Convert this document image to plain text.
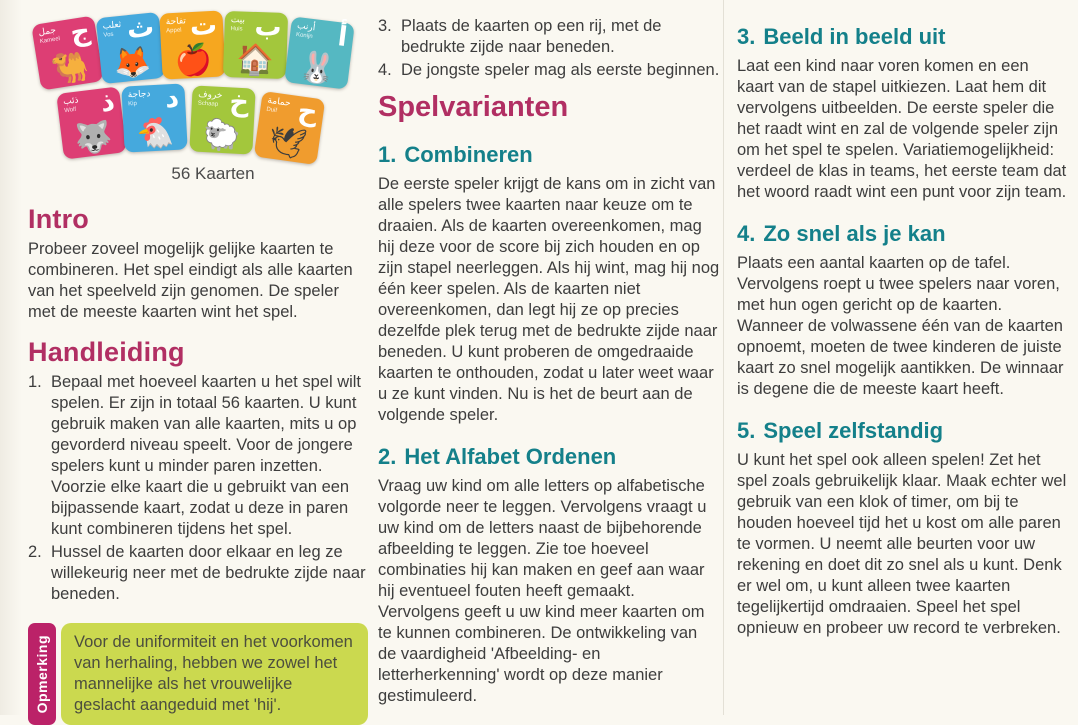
جمل
Kameel ج
🐫
ثعلب
Vos ث
🦊
تفاحة
Appel ت
🍎
بيت
Huis ب
🏠
أرنب
Konijn أ
🐰
ذئب
Wolf ذ
🐺
دجاجة
Kip د
🐔
خروف
Schaap خ
🐑
حمامة
Duif ح
🕊
56 Kaarten
Intro
Probeer zoveel mogelijk gelijke kaarten te combineren. Het spel eindigt als alle kaarten van het speelveld zijn genomen. De speler met de meeste kaarten wint het spel.
Handleiding
1. Bepaal met hoeveel kaarten u het spel wilt spelen. Er zijn in totaal 56 kaarten. U kunt gebruik maken van alle kaarten, mits u op gevorderd niveau speelt. Voor de jongere spelers kunt u minder paren inzetten. Voorzie elke kaart die u gebruikt van een bijpassende kaart, zodat u deze in paren kunt combineren tijdens het spel.
2. Hussel de kaarten door elkaar en leg ze willekeurig neer met de bedrukte zijde naar beneden.
Opmerking	Voor de uniformiteit en het voorkomen van herhaling, hebben we zowel het mannelijke als het vrouwelijke geslacht aangeduid met 'hij'.
3. Plaats de kaarten op een rij, met de bedrukte zijde naar beneden.
4. De jongste speler mag als eerste beginnen.
Spelvarianten
1. Combineren
De eerste speler krijgt de kans om in zicht van alle spelers twee kaarten naar keuze om te draaien. Als de kaarten overeenkomen, mag hij deze voor de score bij zich houden en op zijn stapel neerleggen. Als hij wint, mag hij nog één keer spelen. Als de kaarten niet overeenkomen, dan legt hij ze op precies dezelfde plek terug met de bedrukte zijde naar beneden. U kunt proberen de omgedraaide kaarten te onthouden, zodat u later weet waar u ze kunt vinden. Nu is het de beurt aan de volgende speler.
2. Het Alfabet Ordenen
Vraag uw kind om alle letters op alfabetische volgorde neer te leggen. Vervolgens vraagt u uw kind om de letters naast de bijbehorende afbeelding te leggen. Zie toe hoeveel combinaties hij kan maken en geef aan waar hij eventueel fouten heeft gemaakt. Vervolgens geeft u uw kind meer kaarten om te kunnen combineren. De ontwikkeling van de vaardigheid 'Afbeelding- en letterherkenning' wordt op deze manier gestimuleerd.
3. Beeld in beeld uit
Laat een kind naar voren komen en een kaart van de stapel uitkiezen. Laat hem dit vervolgens uitbeelden. De eerste speler die het raadt wint en zal de volgende speler zijn om het spel te spelen. Variatiemogelijkheid: verdeel de klas in teams, het eerste team dat het woord raadt wint een punt voor zijn team.
4. Zo snel als je kan
Plaats een aantal kaarten op de tafel. Vervolgens roept u twee spelers naar voren, met hun ogen gericht op de kaarten. Wanneer de volwassene één van de kaarten opnoemt, moeten de twee kinderen de juiste kaart zo snel mogelijk aantikken. De winnaar is degene die de meeste kaart heeft.
5. Speel zelfstandig
U kunt het spel ook alleen spelen! Zet het spel zoals gebruikelijk klaar. Maak echter wel gebruik van een klok of timer, om bij te houden hoeveel tijd het u kost om alle paren te vormen. U neemt alle beurten voor uw rekening en doet dit zo snel als u kunt. Denk er wel om, u kunt alleen twee kaarten tegelijkertijd omdraaien. Speel het spel opnieuw en probeer uw record te verbreken.
